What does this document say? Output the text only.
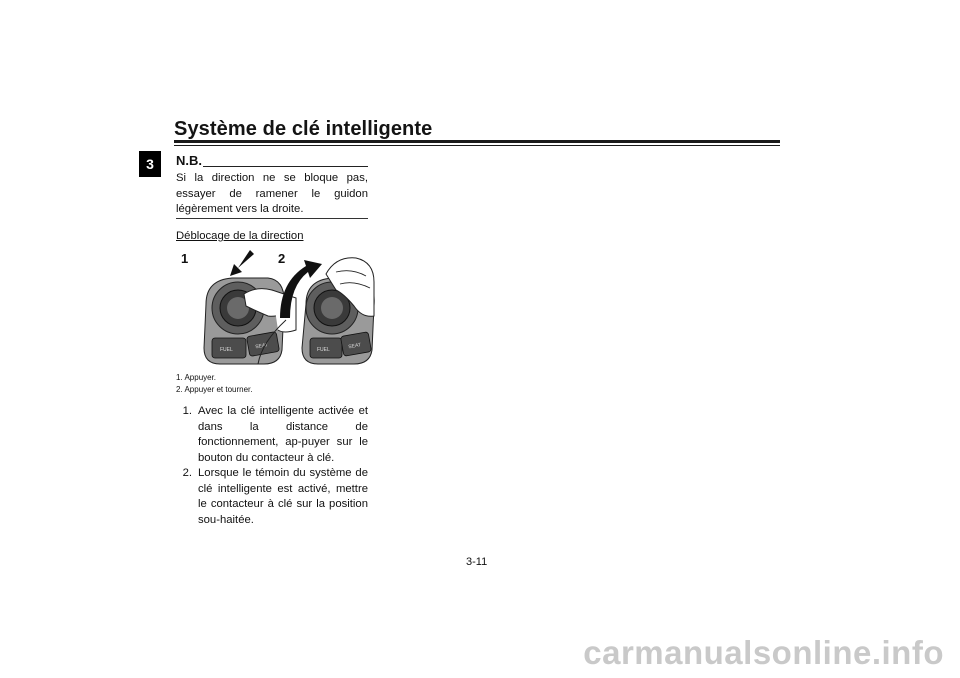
Système de clé intelligente
3	N.B.
Si la direction ne se bloque pas, essayer de ramener le guidon légèrement vers la droite.
Déblocage de la direction
1	2
FUEL	SEAT	FUEL	SEAT
1. Appuyer.
2. Appuyer et tourner.
1. Avec la clé intelligente activée et dans la distance de fonctionnement, ap-puyer sur le bouton du contacteur à clé.
2. Lorsque le témoin du système de clé intelligente est activé, mettre le contacteur à clé sur la position sou-haitée.
3-11
carmanualsonline.info
